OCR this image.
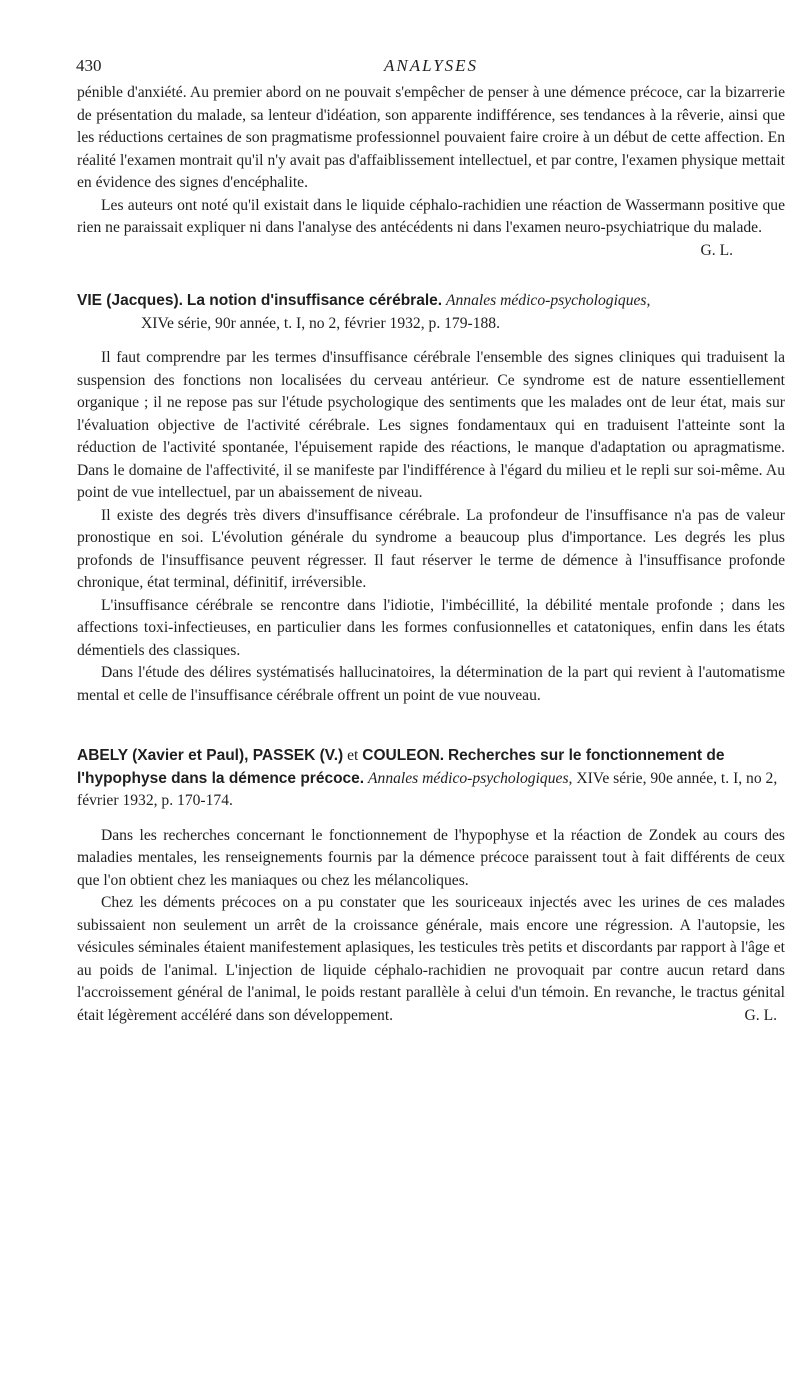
430	ANALYSES

pénible d'anxiété. Au premier abord on ne pouvait s'empêcher de penser à une démence précoce, car la bizarrerie de présentation du malade, sa lenteur d'idéation, son apparente indifférence, ses tendances à la rêverie, ainsi que les réductions certaines de son pragmatisme professionnel pouvaient faire croire à un début de cette affection. En réalité l'examen montrait qu'il n'y avait pas d'affaiblissement intellectuel, et par contre, l'examen physique mettait en évidence des signes d'encéphalite.

Les auteurs ont noté qu'il existait dans le liquide céphalo-rachidien une réaction de Wassermann positive que rien ne paraissait expliquer ni dans l'analyse des antécédents ni dans l'examen neuro-psychiatrique du malade.
G. L.

VIE (Jacques). La notion d'insuffisance cérébrale. Annales médico-psychologiques,
XIVe série, 90r année, t. I, no 2, février 1932, p. 179-188.

Il faut comprendre par les termes d'insuffisance cérébrale l'ensemble des signes cliniques qui traduisent la suspension des fonctions non localisées du cerveau antérieur. Ce syndrome est de nature essentiellement organique ; il ne repose pas sur l'étude psychologique des sentiments que les malades ont de leur état, mais sur l'évaluation objective de l'activité cérébrale. Les signes fondamentaux qui en traduisent l'atteinte sont la réduction de l'activité spontanée, l'épuisement rapide des réactions, le manque d'adaptation ou apragmatisme. Dans le domaine de l'affectivité, il se manifeste par l'indifférence à l'égard du milieu et le repli sur soi-même. Au point de vue intellectuel, par un abaissement de niveau.

Il existe des degrés très divers d'insuffisance cérébrale. La profondeur de l'insuffisance n'a pas de valeur pronostique en soi. L'évolution générale du syndrome a beaucoup plus d'importance. Les degrés les plus profonds de l'insuffisance peuvent régresser. Il faut réserver le terme de démence à l'insuffisance profonde chronique, état terminal, définitif, irréversible.

L'insuffisance cérébrale se rencontre dans l'idiotie, l'imbécillité, la débilité mentale profonde ; dans les affections toxi-infectieuses, en particulier dans les formes confusionnelles et catatoniques, enfin dans les états démentiels des classiques.

Dans l'étude des délires systématisés hallucinatoires, la détermination de la part qui revient à l'automatisme mental et celle de l'insuffisance cérébrale offrent un point de vue nouveau.

ABELY (Xavier et Paul), PASSEK (V.) et COULEON. Recherches sur le fonctionnement de l'hypophyse dans la démence précoce. Annales médico-psychologiques, XIVe série, 90e année, t. I, no 2, février 1932, p. 170-174.

Dans les recherches concernant le fonctionnement de l'hypophyse et la réaction de Zondek au cours des maladies mentales, les renseignements fournis par la démence précoce paraissent tout à fait différents de ceux que l'on obtient chez les maniaques ou chez les mélancoliques.

Chez les déments précoces on a pu constater que les souriceaux injectés avec les urines de ces malades subissaient non seulement un arrêt de la croissance générale, mais encore une régression. A l'autopsie, les vésicules séminales étaient manifestement aplasiques, les testicules très petits et discordants par rapport à l'âge et au poids de l'animal. L'injection de liquide céphalo-rachidien ne provoquait par contre aucun retard dans l'accroissement général de l'animal, le poids restant parallèle à celui d'un témoin. En revanche, le tractus génital était légèrement accéléré dans son développement.	G. L.
